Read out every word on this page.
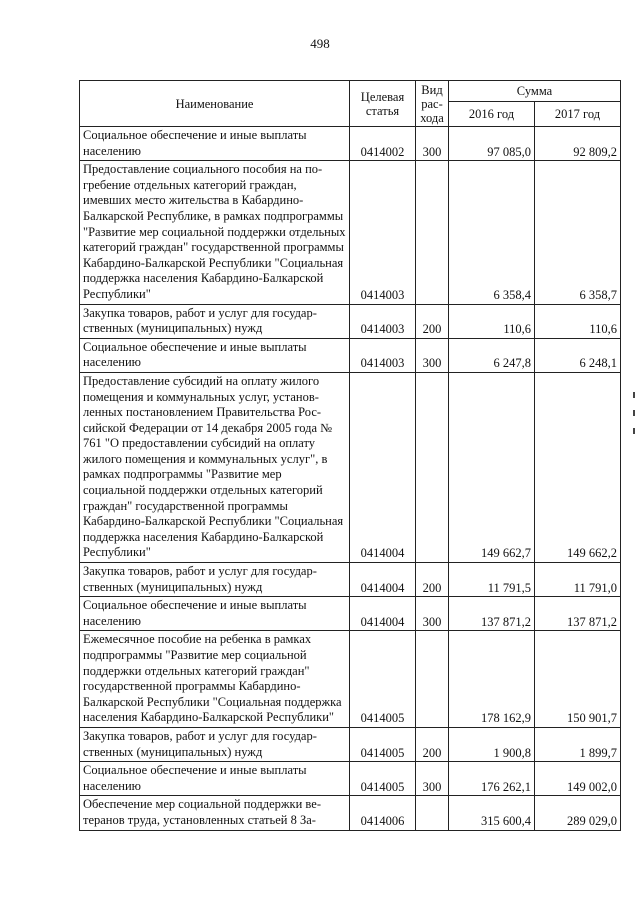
498
Наименование	Целевая статья	Вид расхода	Сумма	
			2016 год	2017 год
Социальное обеспечение и иные выплаты населению	0414002	300	97 085,0	92 809,2
Предоставление социального пособия на погребение отдельных категорий граждан, имевших место жительства в Кабардино-Балкарской Республике, в рамках подпрограммы "Развитие мер социальной поддержки отдельных категорий граждан" государственной программы Кабардино-Балкарской Республики "Социальная поддержка населения Кабардино-Балкарской Республики"	0414003		6 358,4	6 358,7
Закупка товаров, работ и услуг для государственных (муниципальных) нужд	0414003	200	110,6	110,6
Социальное обеспечение и иные выплаты населению	0414003	300	6 247,8	6 248,1
Предоставление субсидий на оплату жилого помещения и коммунальных услуг, установленных постановлением Правительства Российской Федерации от 14 декабря 2005 года № 761 "О предоставлении субсидий на оплату жилого помещения и коммунальных услуг", в рамках подпрограммы "Развитие мер социальной поддержки отдельных категорий граждан" государственной программы Кабардино-Балкарской Республики "Социальная поддержка населения Кабардино-Балкарской Республики"	0414004		149 662,7	149 662,2
Закупка товаров, работ и услуг для государственных (муниципальных) нужд	0414004	200	11 791,5	11 791,0
Социальное обеспечение и иные выплаты населению	0414004	300	137 871,2	137 871,2
Ежемесячное пособие на ребенка в рамках подпрограммы "Развитие мер социальной поддержки отдельных категорий граждан" государственной программы Кабардино-Балкарской Республики "Социальная поддержка населения Кабардино-Балкарской Республики"	0414005		178 162,9	150 901,7
Закупка товаров, работ и услуг для государственных (муниципальных) нужд	0414005	200	1 900,8	1 899,7
Социальное обеспечение и иные выплаты населению	0414005	300	176 262,1	149 002,0
Обеспечение мер социальной поддержки ветеранов труда, установленных статьей 8 За-	0414006		315 600,4	289 029,0
